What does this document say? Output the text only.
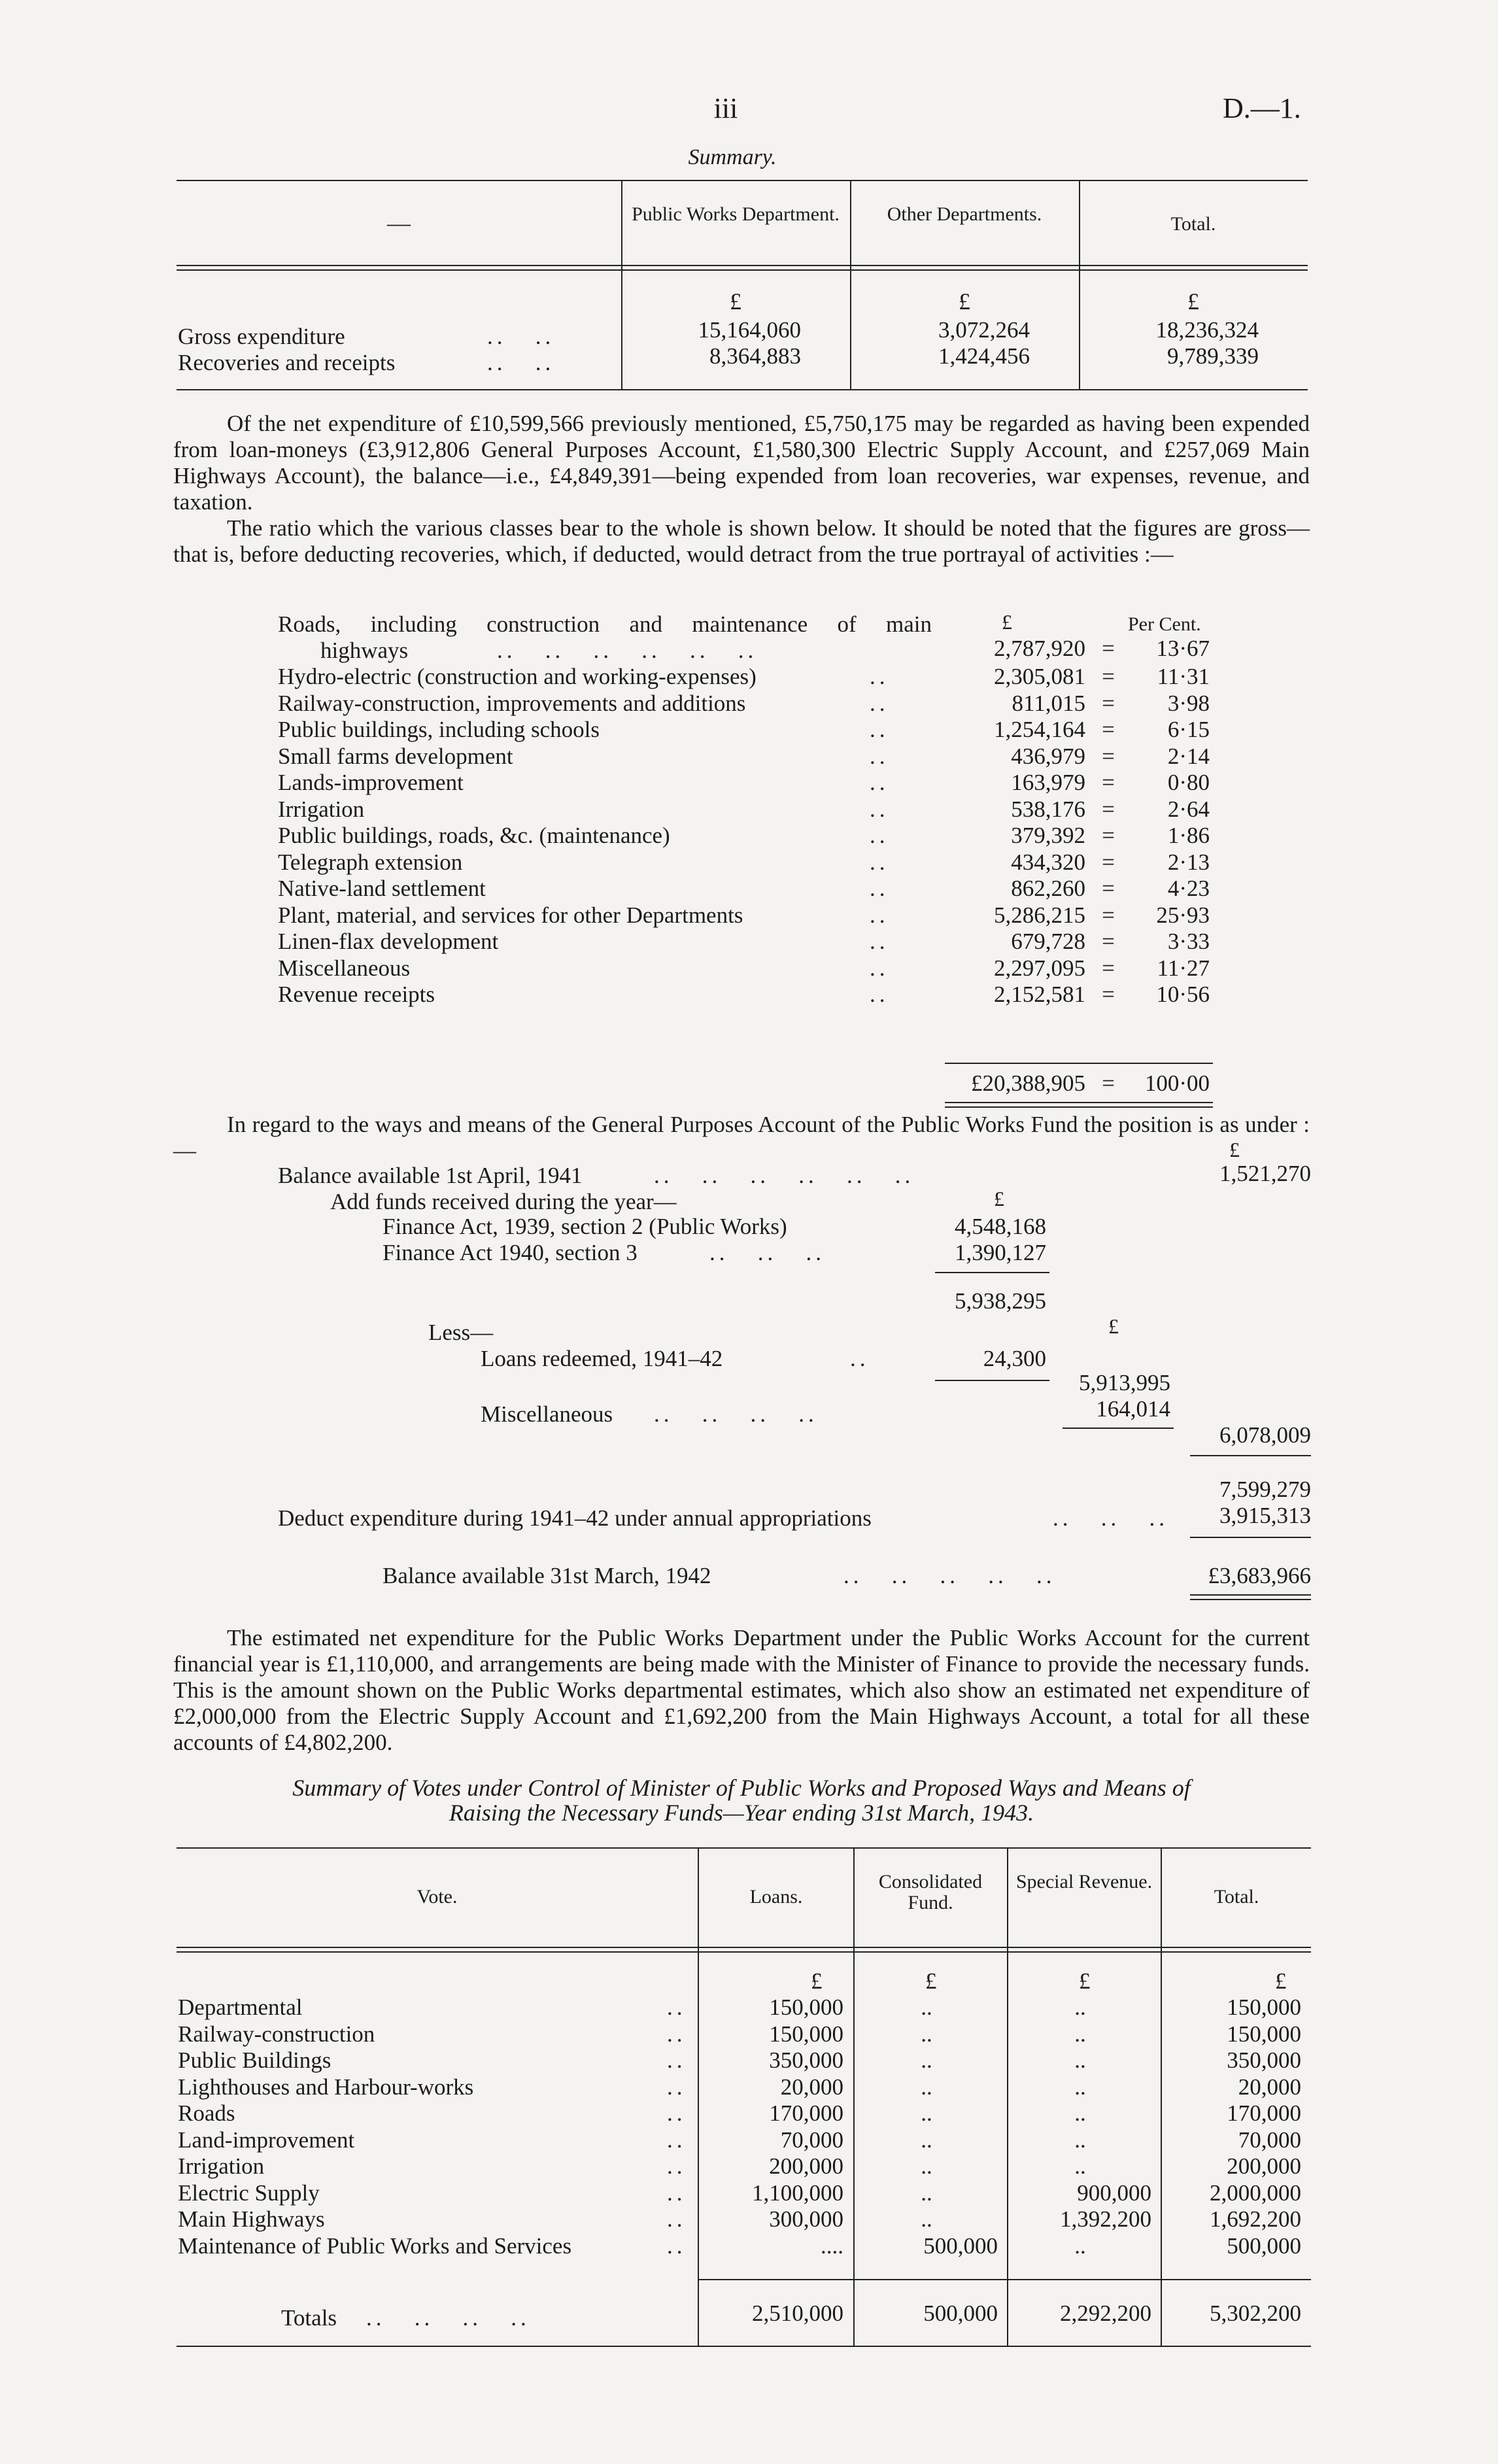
iii	D.—1.
Summary.
—	Public Works Department.	Other Departments.	Total.
£	£	£
Gross expenditure	..   ..	15,164,060	3,072,264	18,236,324
Recoveries and receipts	..   ..	8,364,883	1,424,456	9,789,339
Of the net expenditure of £10,599,566 previously mentioned, £5,750,175 may be regarded as having been expended from loan-moneys (£3,912,806 General Purposes Account, £1,580,300 Electric Supply Account, and £257,069 Main Highways Account), the balance—i.e., £4,849,391—being expended from loan recoveries, war expenses, revenue, and taxation.
The ratio which the various classes bear to the whole is shown below. It should be noted that the figures are gross—that is, before deducting recoveries, which, if deducted, would detract from the true portrayal of activities :—
£	Per Cent.
Roads, including construction and maintenance of main
highways	..   ..   ..   ..   ..   ..	2,787,920 =	13·67
Hydro-electric (construction and working-expenses)	..	2,305,081 =	11·31
Railway-construction, improvements and additions	..	811,015 =	3·98
Public buildings, including schools	..	1,254,164 =	6·15
Small farms development	..	436,979 =	2·14
Lands-improvement	..	163,979 =	0·80
Irrigation	..	538,176 =	2·64
Public buildings, roads, &c. (maintenance)	..	379,392 =	1·86
Telegraph extension	..	434,320 =	2·13
Native-land settlement	..	862,260 =	4·23
Plant, material, and services for other Departments	..	5,286,215 =	25·93
Linen-flax development	..	679,728 =	3·33
Miscellaneous	..	2,297,095 =	11·27
Revenue receipts	..	2,152,581 =	10·56
£20,388,905 =	100·00
In regard to the ways and means of the General Purposes Account of the Public Works Fund the position is as under :—	£
Balance available 1st April, 1941	..   ..   ..   ..   ..   ..	1,521,270
Add funds received during the year—	£
Finance Act, 1939, section 2 (Public Works)	4,548,168
Finance Act 1940, section 3	..   ..   ..	1,390,127
5,938,295
Less—	£
Loans redeemed, 1941–42	..	24,300
5,913,995
Miscellaneous ..   ..   ..   ..	164,014
6,078,009
7,599,279
Deduct expenditure during 1941–42 under annual appropriations	..   ..   ..	3,915,313
Balance available 31st March, 1942	..   ..   ..   ..   ..	£3,683,966
The estimated net expenditure for the Public Works Department under the Public Works Account for the current financial year is £1,110,000, and arrangements are being made with the Minister of Finance to provide the necessary funds. This is the amount shown on the Public Works departmental estimates, which also show an estimated net expenditure of £2,000,000 from the Electric Supply Account and £1,692,200 from the Main Highways Account, a total for all these accounts of £4,802,200.
Summary of Votes under Control of Minister of Public Works and Proposed Ways and Means of
Raising the Necessary Funds—Year ending 31st March, 1943.
Vote.	Loans.
Consolidated Fund.
Special Revenue.
Total.
£	£	£	£
Departmental	..	150,000	..	..	150,000
Railway-construction	..	150,000	..	..	150,000
Public Buildings	..	350,000	..	..	350,000
Lighthouses and Harbour-works	..	20,000	..	..	20,000
Roads	..	170,000	..	..	170,000
Land-improvement	..	70,000	..	..	70,000
Irrigation	..	200,000	..	..	200,000
Electric Supply	..	1,100,000	..	900,000	2,000,000
Main Highways	..	300,000	..	1,392,200	1,692,200
Maintenance of Public Works and Services	..	....	500,000	..	500,000
Totals ..   ..   ..   ..	2,510,000	500,000	2,292,200	5,302,200
